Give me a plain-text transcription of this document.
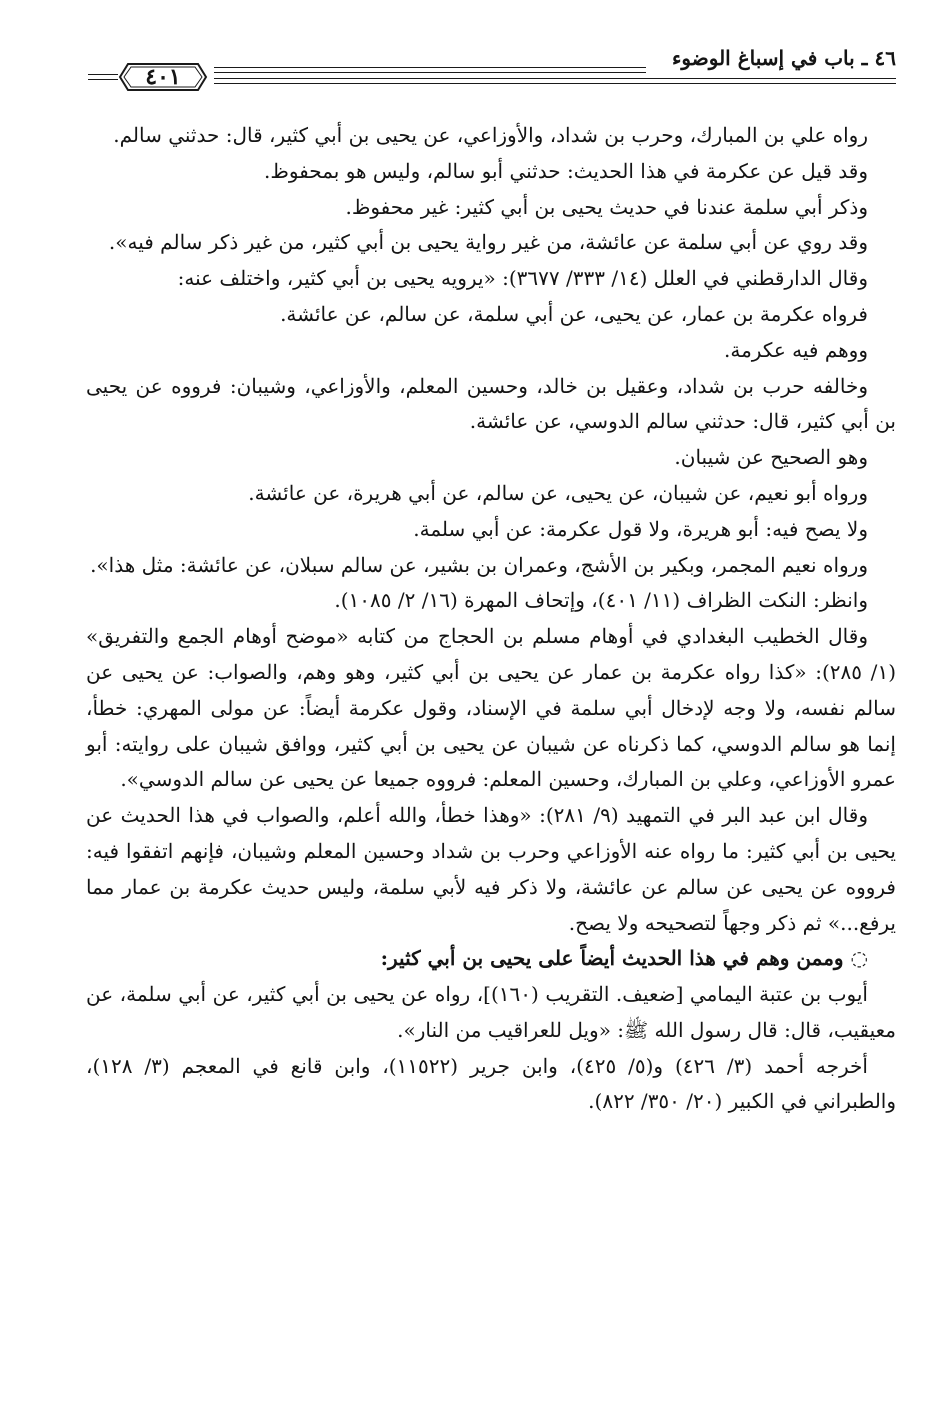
٤٦ ـ باب في إسباغ الوضوء
٤٠١

رواه علي بن المبارك، وحرب بن شداد، والأوزاعي، عن يحيى بن أبي كثير، قال: حدثني سالم.

وقد قيل عن عكرمة في هذا الحديث: حدثني أبو سالم، وليس هو بمحفوظ.

وذكر أبي سلمة عندنا في حديث يحيى بن أبي كثير: غير محفوظ.

وقد روي عن أبي سلمة عن عائشة، من غير رواية يحيى بن أبي كثير، من غير ذكر سالم فيه».

وقال الدارقطني في العلل (١٤/ ٣٣٣/ ٣٦٧٧): «يرويه يحيى بن أبي كثير، واختلف عنه:

فرواه عكرمة بن عمار، عن يحيى، عن أبي سلمة، عن سالم، عن عائشة.

ووهم فيه عكرمة.

وخالفه حرب بن شداد، وعقيل بن خالد، وحسين المعلم، والأوزاعي، وشيبان: فرووه عن يحيى بن أبي كثير، قال: حدثني سالم الدوسي، عن عائشة.

وهو الصحيح عن شيبان.

ورواه أبو نعيم، عن شيبان، عن يحيى، عن سالم، عن أبي هريرة، عن عائشة.

ولا يصح فيه: أبو هريرة، ولا قول عكرمة: عن أبي سلمة.

ورواه نعيم المجمر، وبكير بن الأشج، وعمران بن بشير، عن سالم سبلان، عن عائشة: مثل هذا».

وانظر: النكت الظراف (١١/ ٤٠١)، وإتحاف المهرة (١٦/ ٢/ ١٠٨٥).

وقال الخطيب البغدادي في أوهام مسلم بن الحجاج من كتابه «موضح أوهام الجمع والتفريق» (١/ ٢٨٥): «كذا رواه عكرمة بن عمار عن يحيى بن أبي كثير، وهو وهم، والصواب: عن يحيى عن سالم نفسه، ولا وجه لإدخال أبي سلمة في الإسناد، وقول عكرمة أيضاً: عن مولى المهري: خطأ، إنما هو سالم الدوسي، كما ذكرناه عن شيبان عن يحيى بن أبي كثير، ووافق شيبان على روايته: أبو عمرو الأوزاعي، وعلي بن المبارك، وحسين المعلم: فرووه جميعا عن يحيى عن سالم الدوسي».

وقال ابن عبد البر في التمهيد (٩/ ٢٨١): «وهذا خطأ، والله أعلم، والصواب في هذا الحديث عن يحيى بن أبي كثير: ما رواه عنه الأوزاعي وحرب بن شداد وحسين المعلم وشيبان، فإنهم اتفقوا فيه: فرووه عن يحيى عن سالم عن عائشة، ولا ذكر فيه لأبي سلمة، وليس حديث عكرمة بن عمار مما يرفع...» ثم ذكر وجهاً لتصحيحه ولا يصح.

◌ وممن وهم في هذا الحديث أيضاً على يحيى بن أبي كثير:

أيوب بن عتبة اليمامي [ضعيف. التقريب (١٦٠)]، رواه عن يحيى بن أبي كثير، عن أبي سلمة، عن معيقيب، قال: قال رسول الله ﷺ: «ويل للعراقيب من النار».

أخرجه أحمد (٣/ ٤٢٦) و(٥/ ٤٢٥)، وابن جرير (١١٥٢٢)، وابن قانع في المعجم (٣/ ١٢٨)، والطبراني في الكبير (٢٠/ ٣٥٠/ ٨٢٢).
